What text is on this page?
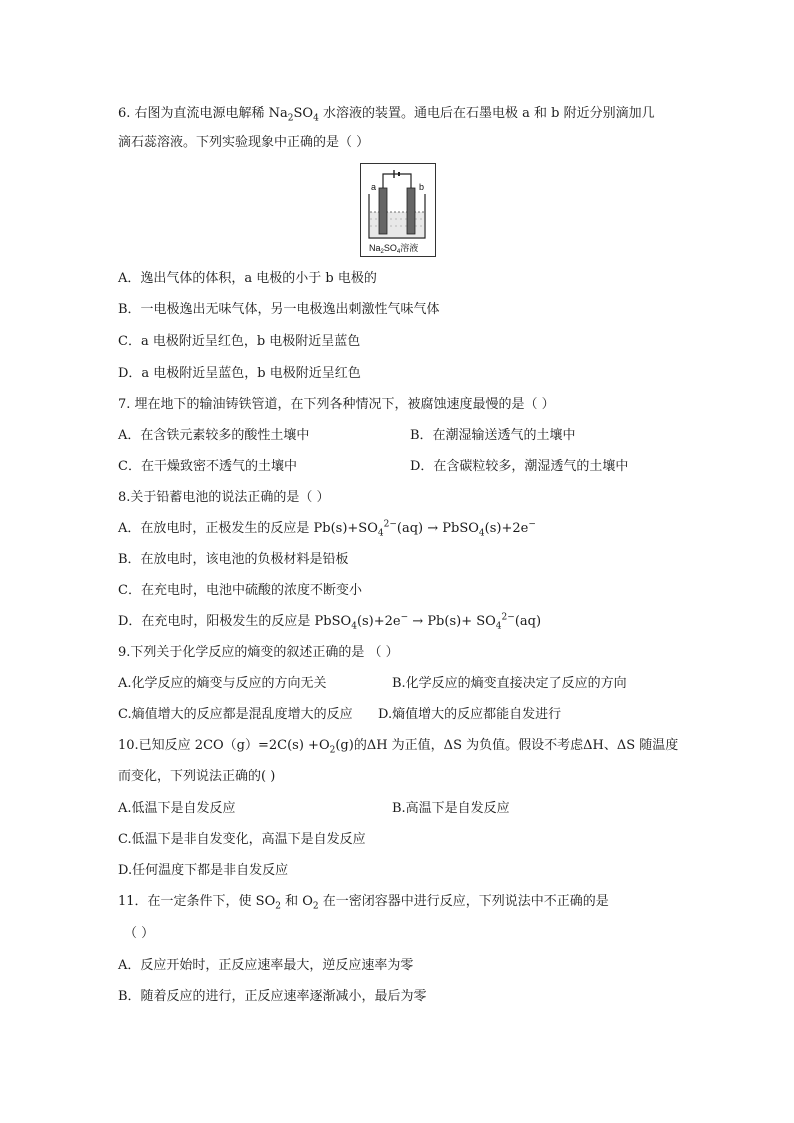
6. 右图为直流电源电解稀 $Na_2SO_4$ 水溶液的装置。通电后在石墨电极 a 和 b 附近分别滴加几
滴石蕊溶液。下列实验现象中正确的是（ ）
a	b
$Na_2SO_4$溶液
A．逸出气体的体积，a 电极的小于 b 电极的
B．一电极逸出无味气体，另一电极逸出刺激性气味气体
C．a 电极附近呈红色，b 电极附近呈蓝色
D．a 电极附近呈蓝色，b 电极附近呈红色
7. 埋在地下的输油铸铁管道，在下列各种情况下，被腐蚀速度最慢的是（ ）
A．在含铁元素较多的酸性土壤中	B．在潮湿输送透气的土壤中
C．在干燥致密不透气的土壤中	D．在含碳粒较多，潮湿透气的土壤中
8.关于铅蓄电池的说法正确的是（ ）
A．在放电时，正极发生的反应是 $Pb(s)+SO_4^{2-}(aq)$ → PbSO$_4$(s)+2e−
B．在放电时，该电池的负极材料是铅板
C．在充电时，电池中硫酸的浓度不断变小
D．在充电时，阳极发生的反应是 PbSO$_4$(s)+2e− → $Pb(s)+ SO_4^{2-}(aq)$
9.下列关于化学反应的熵变的叙述正确的是 （ ）
A.化学反应的熵变与反应的方向无关	B.化学反应的熵变直接决定了反应的方向
C.熵值增大的反应都是混乱度增大的反应 D.熵值增大的反应都能自发进行
10.已知反应 $2CO(g)=2C(s) +O_2(g)$的ΔH 为正值，ΔS 为负值。假设不考虑ΔH、ΔS 随温度
而变化，下列说法正确的( )
A.低温下是自发反应	B.高温下是自发反应
C.低温下是非自发变化，高温下是自发反应
D.任何温度下都是非自发反应
11．在一定条件下，使 $SO_2$ 和 $O_2$ 在一密闭容器中进行反应，下列说法中不正确的是
（ ）
A．反应开始时，正反应速率最大，逆反应速率为零
B．随着反应的进行，正反应速率逐渐减小，最后为零
